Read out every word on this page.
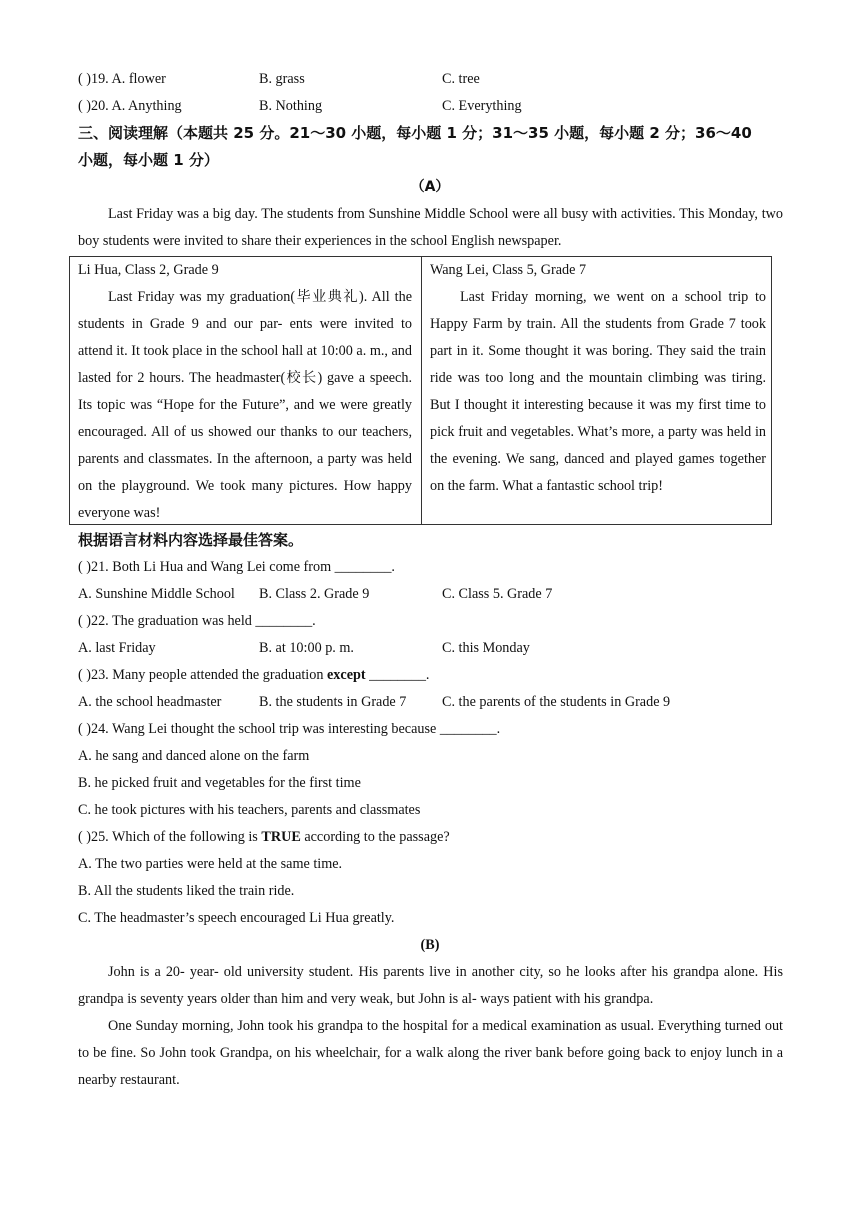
( )19. A. flower	B. grass	C. tree
( )20. A. Anything	B. Nothing	C. Everything
三、阅读理解（本题共 25 分。21～30 小题，每小题 1 分；31～35 小题，每小题 2 分；36～40
小题，每小题 1 分）
（A）
Last Friday was a big day. The students from Sunshine Middle School were all busy with activities. This Monday, two boy students were invited to share their experiences in the school English newspaper.
Li Hua, Class 2, Grade 9
Last Friday was my graduation(毕业典礼). All the students in Grade 9 and our par- ents were invited to attend it. It took place in the school hall at 10:00 a. m., and lasted for 2 hours. The headmaster(校长) gave a speech. Its topic was “Hope for the Future”, and we were greatly encouraged. All of us showed our thanks to our teachers, parents and classmates. In the afternoon, a party was held on the playground. We took many pictures. How happy everyone was!
Wang Lei, Class 5, Grade 7
Last Friday morning, we went on a school trip to Happy Farm by train. All the students from Grade 7 took part in it. Some thought it was boring. They said the train ride was too long and the mountain climbing was tiring. But I thought it interesting because it was my first time to pick fruit and vegetables. What’s more, a party was held in the evening. We sang, danced and played games together on the farm. What a fantastic school trip!
根据语言材料内容选择最佳答案。
( )21. Both Li Hua and Wang Lei come from ________.
A. Sunshine Middle School B. Class 2. Grade 9	C. Class 5. Grade 7
( )22. The graduation was held ________.
A. last Friday	B. at 10:00 p. m.	C. this Monday
( )23. Many people attended the graduation except ________.
A. the school headmaster	B. the students in Grade 7	C. the parents of the students in Grade 9
( )24. Wang Lei thought the school trip was interesting because ________.
A. he sang and danced alone on the farm
B. he picked fruit and vegetables for the first time
C. he took pictures with his teachers, parents and classmates
( )25. Which of the following is TRUE according to the passage?
A. The two parties were held at the same time.
B. All the students liked the train ride.
C. The headmaster’s speech encouraged Li Hua greatly.
(B)
John is a 20- year- old university student. His parents live in another city, so he looks after his grandpa alone. His grandpa is seventy years older than him and very weak, but John is al- ways patient with his grandpa.
One Sunday morning, John took his grandpa to the hospital for a medical examination as usual. Everything turned out to be fine. So John took Grandpa, on his wheelchair, for a walk along the river bank before going back to enjoy lunch in a nearby restaurant.
